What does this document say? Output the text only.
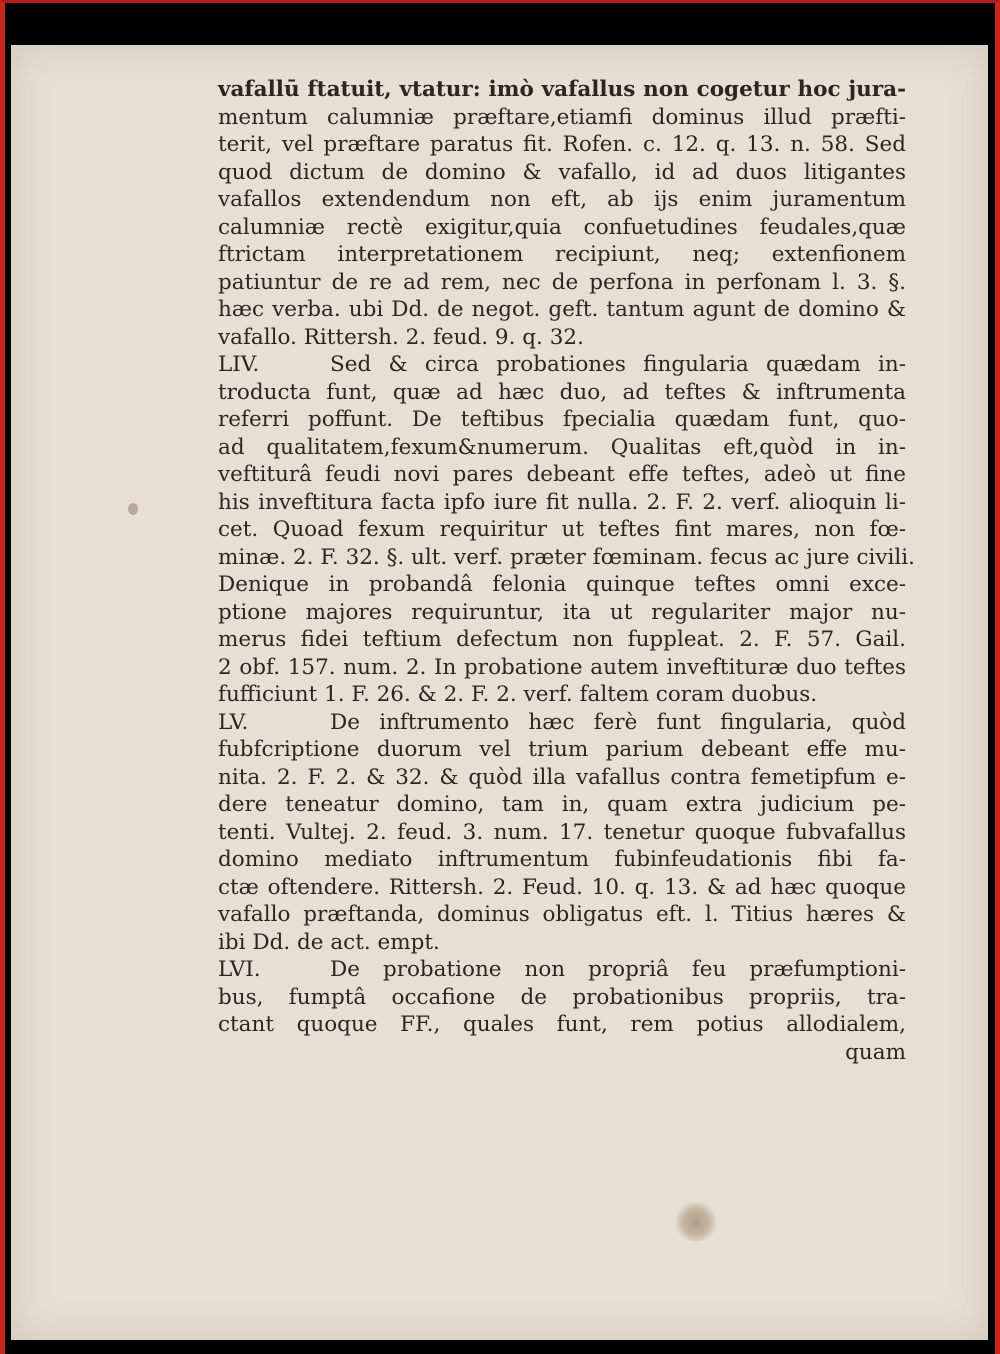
vafallū ftatuit, vtatur: imò vafallus non cogetur hoc jura-
mentum calumniæ præftare,etiamfi dominus illud præfti-
terit, vel præftare paratus fit. Rofen. c. 12. q. 13. n. 58. Sed
quod dictum de domino & vafallo, id ad duos litigantes
vafallos extendendum non eft, ab ijs enim juramentum
calumniæ rectè exigitur,quia confuetudines feudales,quæ
ftrictam interpretationem recipiunt, neq; extenfionem
patiuntur de re ad rem, nec de perfona in perfonam l. 3. §.
hæc verba. ubi Dd. de negot. geft. tantum agunt de domino &
vafallo. Rittersh. 2. feud. 9. q. 32.
LIV.	Sed & circa probationes fingularia quædam in-
troducta funt, quæ ad hæc duo, ad teftes & inftrumenta
referri poffunt. De teftibus fpecialia quædam funt, quo-
ad qualitatem,fexum&numerum. Qualitas eft,quòd in in-
veftiturâ feudi novi pares debeant effe teftes, adeò ut fine
his inveftitura facta ipfo iure fit nulla. 2. F. 2. verf. alioquin li-
cet. Quoad fexum requiritur ut teftes fint mares, non fœ-
minæ. 2. F. 32. §. ult. verf. præter fœminam. fecus ac jure civili.
Denique in probandâ felonia quinque teftes omni exce-
ptione majores requiruntur, ita ut regulariter major nu-
merus fidei teftium defectum non fuppleat. 2. F. 57. Gail.
2 obf. 157. num. 2. In probatione autem inveftituræ duo teftes
fufficiunt 1. F. 26. & 2. F. 2. verf. faltem coram duobus.
LV.	De inftrumento hæc ferè funt fingularia, quòd
fubfcriptione duorum vel trium parium debeant effe mu-
nita. 2. F. 2. & 32. & quòd illa vafallus contra femetipfum e-
dere teneatur domino, tam in, quam extra judicium pe-
tenti. Vultej. 2. feud. 3. num. 17. tenetur quoque fubvafallus
domino mediato inftrumentum fubinfeudationis fibi fa-
ctæ oftendere. Rittersh. 2. Feud. 10. q. 13. & ad hæc quoque
vafallo præftanda, dominus obligatus eft. l. Titius hæres &
ibi Dd. de act. empt.
LVI.	De probatione non propriâ feu præfumptioni-
bus, fumptâ occafione de probationibus propriis, tra-
ctant quoque FF., quales funt, rem potius allodialem,
quam
